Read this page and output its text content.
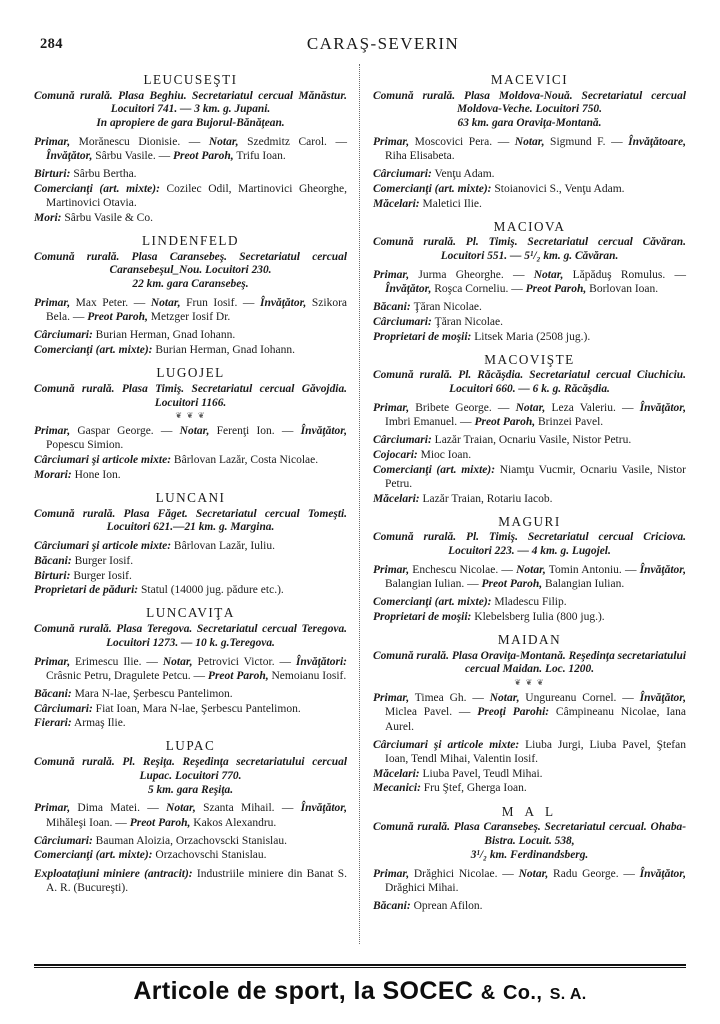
284	CARAŞ-SEVERIN
LEUCUSEŞTI
Comună rurală. Plasa Beghiu. Secretariatul cercual Mănăstur. Locuitori 741. — 3 km. g. Jupani.
In apropiere de gara Bujorul-Bănăţean.
Primar, Morănescu Dionisie. — Notar, Szedmitz Carol. — Învăţător, Sârbu Vasile. — Preot Paroh, Trifu Ioan.
Birturi: Sârbu Bertha.
Comercianţi (art. mixte): Cozilec Odil, Martinovici Gheorghe, Martinovici Otavia.
Mori: Sârbu Vasile & Co.
LINDENFELD
Comună rurală. Plasa Caransebeş. Secretariatul cercual Caransebeşul_Nou. Locuitori 230.
22 km. gara Caransebeş.
Primar, Max Peter. — Notar, Frun Iosif. — Învăţător, Szikora Bela. — Preot Paroh, Metzger Iosif Dr.
Cârciumari: Burian Herman, Gnad Iohann.
Comercianţi (art. mixte): Burian Herman, Gnad Iohann.
LUGOJEL
Comună rurală. Plasa Timiş. Secretariatul cercual Găvojdia. Locuitori 1166.
❦ ❦ ❦
Primar, Gaspar George. — Notar, Ferenţi Ion. — Învăţător, Popescu Simion.
Cârciumari şi articole mixte: Bârlovan Lazăr, Costa Nicolae.
Morari: Hone Ion.
LUNCANI
Comună rurală. Plasa Făget. Secretariatul cercual Tomeşti. Locuitori 621.—21 km. g. Margina.
Cârciumari şi articole mixte: Bârlovan Lazăr, Iuliu.
Băcani: Burger Iosif.
Birturi: Burger Iosif.
Proprietari de păduri: Statul (14000 jug. pădure etc.).
LUNCAVIŢA
Comună rurală. Plasa Teregova. Secretariatul cercual Teregova. Locuitori 1273. — 10 k. g.Teregova.
Primar, Erimescu Ilie. — Notar, Petrovici Victor. — Învăţători: Crâsnic Petru, Dragulete Petcu. — Preot Paroh, Nemoianu Iosif.
Băcani: Mara N-lae, Şerbescu Pantelimon.
Cârciumari: Fiat Ioan, Mara N-lae, Şerbescu Pantelimon.
Fierari: Armaş Ilie.
LUPAC
Comună rurală. Pl. Reşiţa. Reşedinţa secretariatului cercual Lupac. Locuitori 770.
5 km. gara Reşiţa.
Primar, Dima Matei. — Notar, Szanta Mihail. — Învăţător, Mihăleşi Ioan. — Preot Paroh, Kakos Alexandru.
Cârciumari: Bauman Aloizia, Orzachovscki Stanislau.
Comercianţi (art. mixte): Orzachovschi Stanislau.
Exploataţiuni miniere (antracit): Industriile miniere din Banat S. A. R. (Bucureşti).
MACEVICI
Comună rurală. Plasa Moldova-Nouă. Secretariatul cercual Moldova-Veche. Locuitori 750.
63 km. gara Oraviţa-Montană.
Primar, Moscovici Pera. — Notar, Sigmund F. — Învăţătoare, Riha Elisabeta.
Cârciumari: Venţu Adam.
Comercianţi (art. mixte): Stoianovici S., Venţu Adam.
Măcelari: Maletici Ilie.
MACIOVA
Comună rurală. Pl. Timiş. Secretariatul cercual Căvăran. Locuitori 551. — 5¹/₂ km. g. Căvăran.
Primar, Jurma Gheorghe. — Notar, Lăpăduş Romulus. — Învăţător, Roşca Corneliu. — Preot Paroh, Borlovan Ioan.
Băcani: Ţăran Nicolae.
Cârciumari: Ţăran Nicolae.
Proprietari de moşii: Litsek Maria (2508 jug.).
MACOVIŞTE
Comună rurală. Pl. Răcăşdia. Secretariatul cercual Ciuchiciu. Locuitori 660. — 6 k. g. Răcăşdia.
Primar, Bribete George. — Notar, Leza Valeriu. — Învăţător, Imbri Emanuel. — Preot Paroh, Brinzei Pavel.
Cârciumari: Lazăr Traian, Ocnariu Vasile, Nistor Petru.
Cojocari: Mioc Ioan.
Comercianţi (art. mixte): Niamţu Vucmir, Ocnariu Vasile, Nistor Petru.
Măcelari: Lazăr Traian, Rotariu Iacob.
MAGURI
Comună rurală. Pl. Timiş. Secretariatul cercual Criciova. Locuitori 223. — 4 km. g. Lugojel.
Primar, Enchescu Nicolae. — Notar, Tomin Antoniu. — Învăţător, Balangian Iulian. — Preot Paroh, Balangian Iulian.
Comercianţi (art. mixte): Mladescu Filip.
Proprietari de moşii: Klebelsberg Iulia (800 jug.).
MAIDAN
Comună rurală. Plasa Oraviţa-Montană. Reşedinţa secretariatului cercual Maidan. Loc. 1200.
❦ ❦ ❦
Primar, Timea Gh. — Notar, Ungureanu Cornel. — Învăţător, Miclea Pavel. — Preoţi Parohi: Câmpineanu Nicolae, Iana Aurel.
Cârciumari şi articole mixte: Liuba Jurgi, Liuba Pavel, Ştefan Ioan, Tendl Mihai, Valentin Iosif.
Măcelari: Liuba Pavel, Teudl Mihai.
Mecanici: Fru Ştef, Gherga Ioan.
M A L
Comună rurală. Plasa Caransebeş. Secretariatul cercual. Ohaba-Bistra. Locuit. 538,
3¹/₂ km. Ferdinandsberg.
Primar, Drăghici Nicolae. — Notar, Radu George. — Învăţător, Drăghici Mihai.
Băcani: Oprean Afilon.
Articole de sport, la SOCEC & Co., S. A.
